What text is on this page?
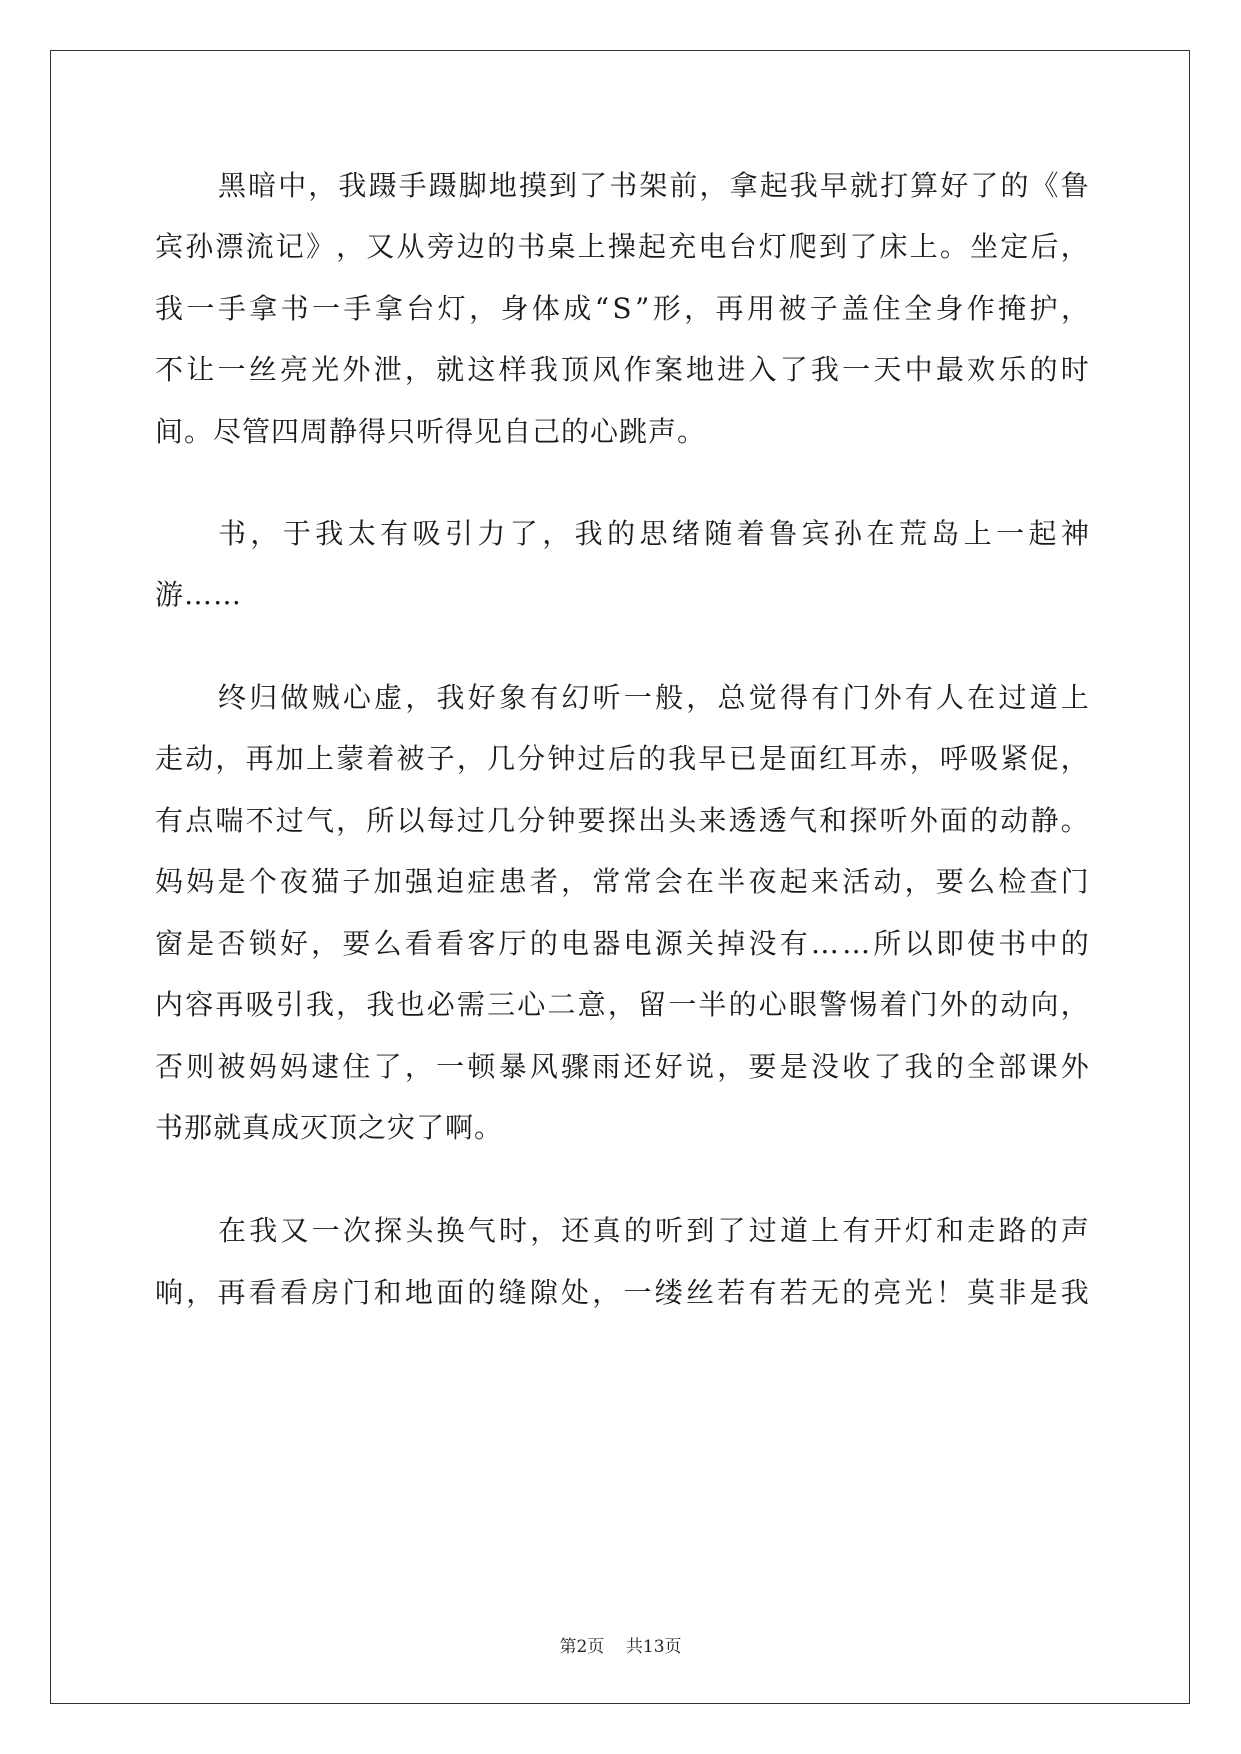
黑 暗 中 ， 我 蹑 手 蹑 脚 地 摸 到 了 书 架 前 ， 拿 起 我 早 就 打 算 好 了 的 《 鲁
宾 孙 漂 流 记 》 ， 又 从 旁 边 的 书 桌 上 操 起 充 电 台 灯 爬 到 了 床 上 。 坐 定 后 ，
我 一 手 拿 书 一 手 拿 台 灯 ， 身 体 成 “ S ” 形 ， 再 用 被 子 盖 住 全 身 作 掩 护 ，
不 让 一 丝 亮 光 外 泄 ， 就 这 样 我 顶 风 作 案 地 进 入 了 我 一 天 中 最 欢 乐 的 时
间。尽管四周静得只听得见自己的心跳声。
书 ， 于 我 太 有 吸 引 力 了 ， 我 的 思 绪 随 着 鲁 宾 孙 在 荒 岛 上 一 起 神
游……
终 归 做 贼 心 虚 ， 我 好 象 有 幻 听 一 般 ， 总 觉 得 有 门 外 有 人 在 过 道 上
走 动 ， 再 加 上 蒙 着 被 子 ， 几 分 钟 过 后 的 我 早 已 是 面 红 耳 赤 ， 呼 吸 紧 促 ，
有 点 喘 不 过 气 ， 所 以 每 过 几 分 钟 要 探 出 头 来 透 透 气 和 探 听 外 面 的 动 静 。
妈 妈 是 个 夜 猫 子 加 强 迫 症 患 者 ， 常 常 会 在 半 夜 起 来 活 动 ， 要 么 检 查 门
窗 是 否 锁 好 ， 要 么 看 看 客 厅 的 电 器 电 源 关 掉 没 有 … … 所 以 即 使 书 中 的
内 容 再 吸 引 我 ， 我 也 必 需 三 心 二 意 ， 留 一 半 的 心 眼 警 惕 着 门 外 的 动 向 ，
否 则 被 妈 妈 逮 住 了 ， 一 顿 暴 风 骤 雨 还 好 说 ， 要 是 没 收 了 我 的 全 部 课 外
书那就真成灭顶之灾了啊。
在 我 又 一 次 探 头 换 气 时 ， 还 真 的 听 到 了 过 道 上 有 开 灯 和 走 路 的 声
响 ， 再 看 看 房 门 和 地 面 的 缝 隙 处 ， 一 缕 丝 若 有 若 无 的 亮 光 ！ 莫 非 是 我
第2页    共13页
